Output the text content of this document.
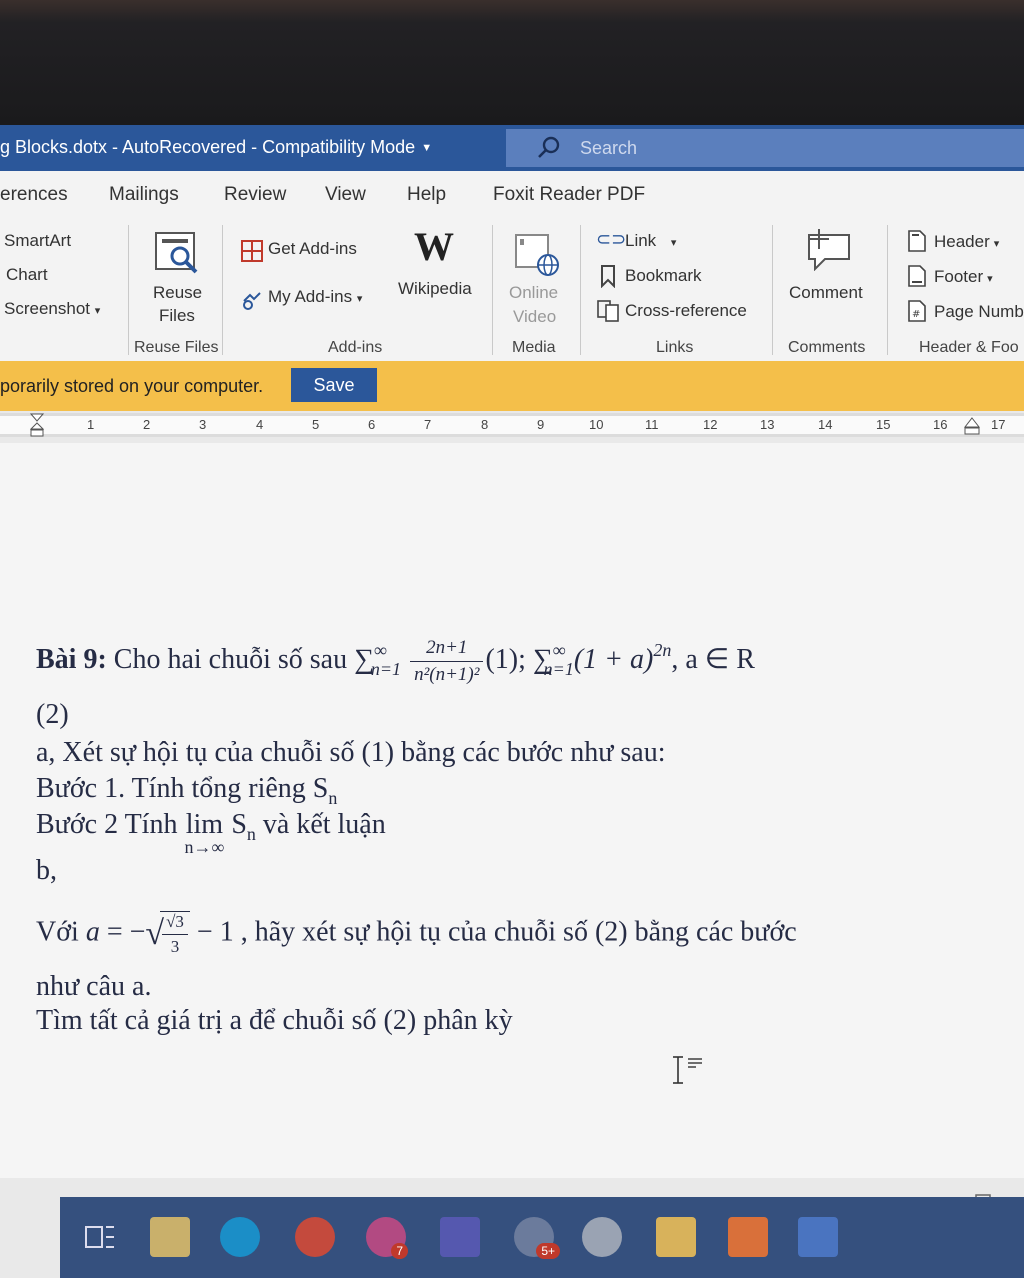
g Blocks.dotx - AutoRecovered - Compatibility Mode ▼	Search
erences Mailings Review View Help Foxit Reader PDF
SmartArt
Chart
Screenshot ▾
Reuse
Files
Reuse Files
Get Add-ins
My Add-ins ▾
W
Wikipedia
Add-ins
Online
Video
Media
⊂⊃
Link ▾
Bookmark
Cross-reference
Links
Comment
Comments
Header ▾
Footer ▾
# Page Numb
Header & Foo
porarily stored on your computer.	Save
1	2	3	4	5	6	7	8	9	10	11	12	13	14	15	16	17
Bài 9: Cho hai chuỗi số sau $\sum^\infty_{n=1} \frac{2n+1}{\text{n²(n+1)²}} (1)$; $\sum^\infty_{n=1}(1 + a)^{2n}$, a ∈ R
(2)
a, Xét sự hội tụ của chuỗi số (1) bằng các bước như sau:
Bước 1. Tính tổng riêng $S_n$
Bước 2 Tính lim
n→∞
$S_n$ và kết luận
b,
Với a = −√
$\frac{√3}{3} - 1$ , hãy xét sự hội tụ của chuỗi số (2) bằng các bước
như câu a.
Tìm tất cả giá trị a để chuỗi số (2) phân kỳ
7	5+
